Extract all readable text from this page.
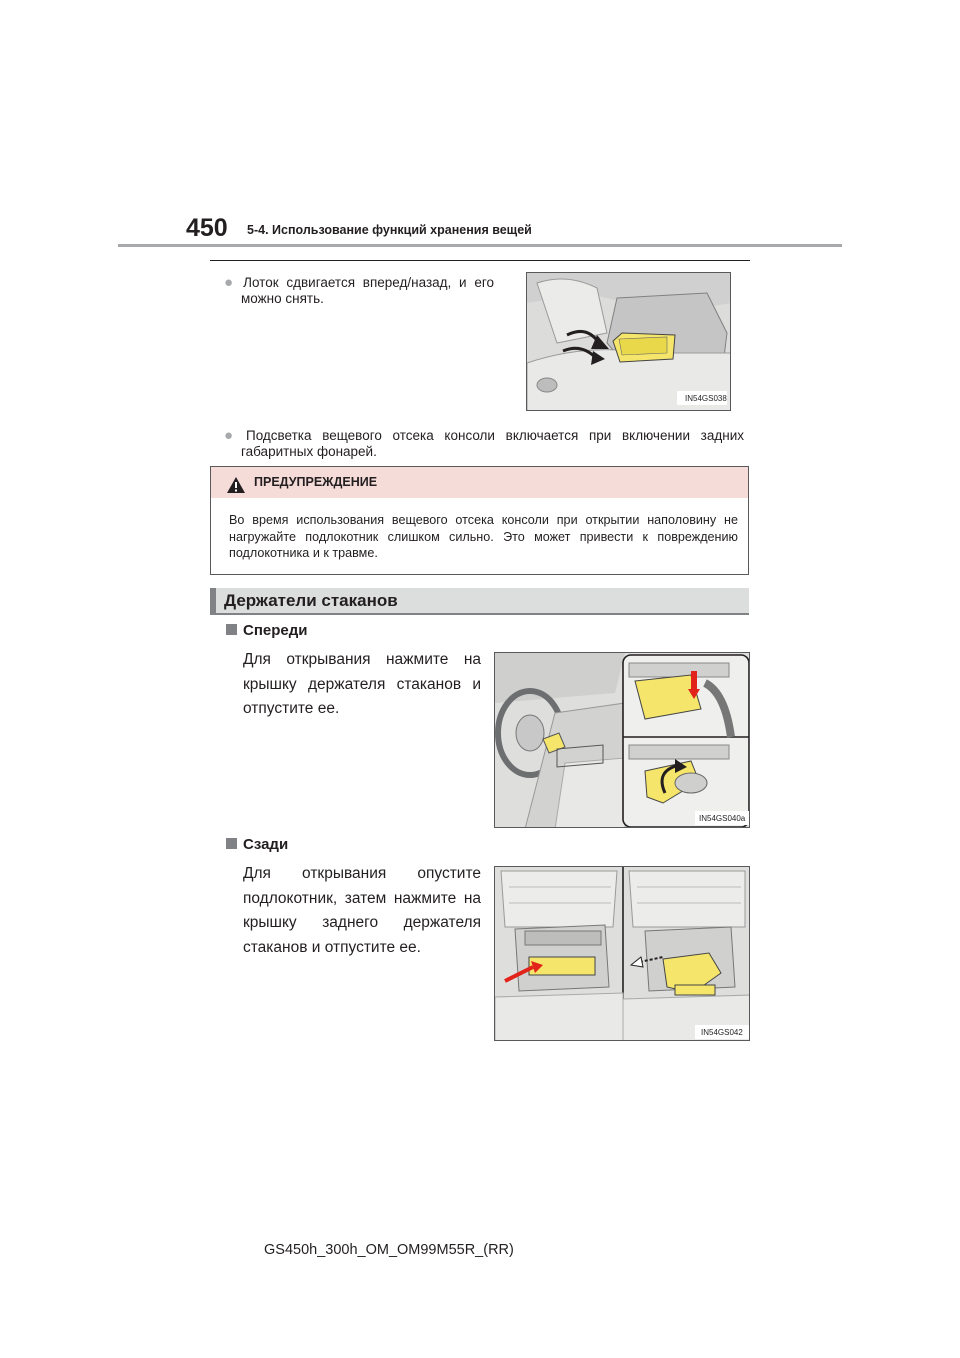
450 5-4. Использование функций хранения вещей
● Лоток сдвигается вперед/назад, и его
можно снять.
IN54GS038
● Подсветка вещевого отсека консоли включается при включении задних
габаритных фонарей.
ПРЕДУПРЕЖДЕНИЕ
Во время использования вещевого отсека консоли при открытии наполовину не
нагружайте подлокотник слишком сильно. Это может привести к повреждению
подлокотника и к травме.
Держатели стаканов
Спереди
Для открывания нажмите на
крышку держателя стаканов и
отпустите ее.
IN54GS040a
Сзади
Для открывания опустите
подлокотник, затем нажмите на
крышку заднего держателя
стаканов и отпустите ее.
IN54GS042
GS450h_300h_OM_OM99M55R_(RR)
